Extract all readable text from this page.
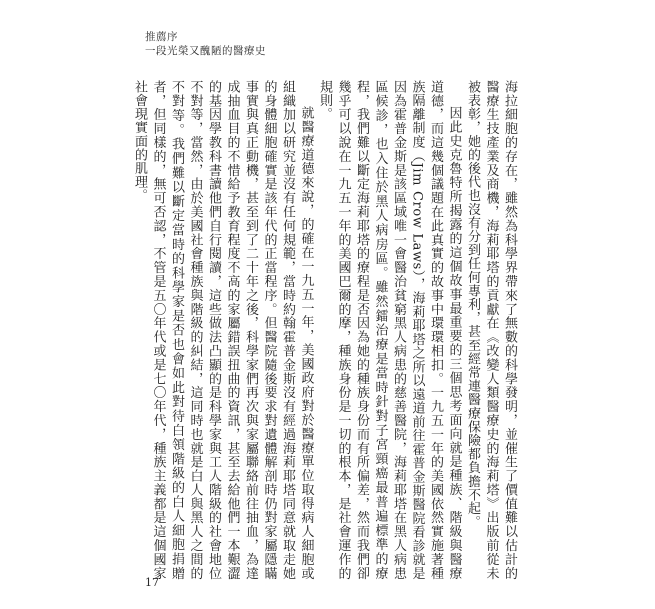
推薦序
一段光榮又醜陋的醫療史

海拉細胞的存在，雖然為科學界帶來了無數的科學發明，並催生了價值難以估計的醫療生技產業及商機，海莉耶塔的貢獻在《改變人類醫療史的海莉塔》出版前從未被表彰，她的後代也沒有分到任何專利，甚至經常連醫療保險都負擔不起。

因此史克魯特所揭露的這個故事最重要的三個思考面向就是種族、階級與醫療道德，而這幾個議題在此真實的故事中環環相扣。一九五一年的美國依然實施著種族隔離制度（Jim Crow Laws），海莉耶塔之所以遠道前往霍普金斯醫院看診就是因為霍普金斯是該區域唯一會醫治貧窮黑人病患的慈善醫院，海莉耶塔在黑人病患區候診，也入住於黑人病房區。雖然鐳治療是當時針對子宮頸癌最普遍標準的療程，我們難以斷定海莉耶塔的療程是否因為她的種族身份而有所偏差，然而我們卻幾乎可以說在一九五一年的美國巴爾的摩，種族身份是一切的根本，是社會運作的規則。

就醫療道德來說，的確在一九五一年，美國政府對於醫療單位取得病人細胞或組織加以研究並沒有任何規範，當時約翰霍普金斯沒有經過海莉耶塔同意就取走她的身體細胞確實是該年代的正當程序。但醫院隨後要求對遺體解剖時仍對家屬隱瞞事實與真正動機，甚至到了二十年之後，科學家們再次與家屬聯絡前往抽血，為達成抽血目的不惜給予教育程度不高的家屬錯誤扭曲的資訊，甚至去給他們一本艱澀的基因學教科書讀他們自行閱讀，這些做法凸顯的是科學家與工人階級的社會地位不對等，當然，由於美國社會種族與階級的糾結，這同時也就是白人與黑人之間的不對等。我們難以斷定當時的科學家是否也會如此對待白領階級的白人細胞捐贈者，但同樣的，無可否認，不管是五〇年代或是七〇年代，種族主義都是這個國家社會現實面的肌理。

17
